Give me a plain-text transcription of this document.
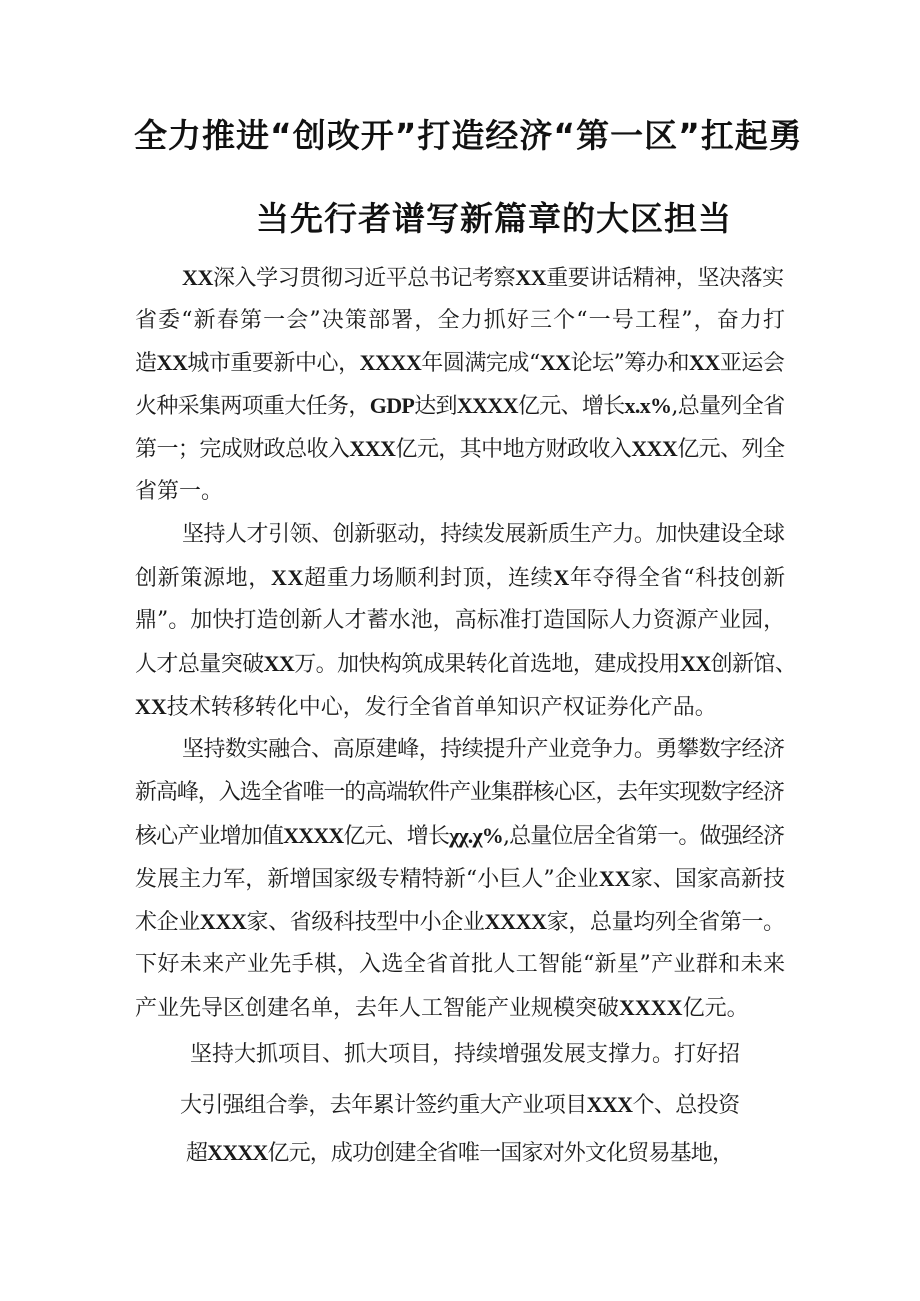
全力推进“创改开”打造经济“第一区”扛起勇
当先行者谱写新篇章的大区担当
XX深入学习贯彻习近平总书记考察XX重要讲话精神，坚决落实
省委“新春第一会”决策部署，全力抓好三个“一号工程”，奋力打
造XX城市重要新中心，XXXX年圆满完成“XX论坛”筹办和XX亚运会
火种采集两项重大任务，GDP达到XXXX亿元、增长x.x%,总量列全省
第一；完成财政总收入XXX亿元，其中地方财政收入XXX亿元、列全
省第一。
坚持人才引领、创新驱动，持续发展新质生产力。加快建设全球
创新策源地，XX超重力场顺利封顶，连续X年夺得全省“科技创新
鼎”。加快打造创新人才蓄水池，高标准打造国际人力资源产业园，
人才总量突破XX万。加快构筑成果转化首选地，建成投用XX创新馆、
XX技术转移转化中心，发行全省首单知识产权证券化产品。
坚持数实融合、高原建峰，持续提升产业竞争力。勇攀数字经济
新高峰，入选全省唯一的高端软件产业集群核心区，去年实现数字经济
核心产业增加值XXXX亿元、增长χχ.χ%,总量位居全省第一。做强经济
发展主力军，新增国家级专精特新“小巨人”企业XX家、国家高新技
术企业XXX家、省级科技型中小企业XXXX家，总量均列全省第一。
下好未来产业先手棋，入选全省首批人工智能“新星”产业群和未来
产业先导区创建名单，去年人工智能产业规模突破XXXX亿元。
坚持大抓项目、抓大项目，持续增强发展支撑力。打好招
大引强组合拳，去年累计签约重大产业项目XXX个、总投资
超XXXX亿元，成功创建全省唯一国家对外文化贸易基地，
